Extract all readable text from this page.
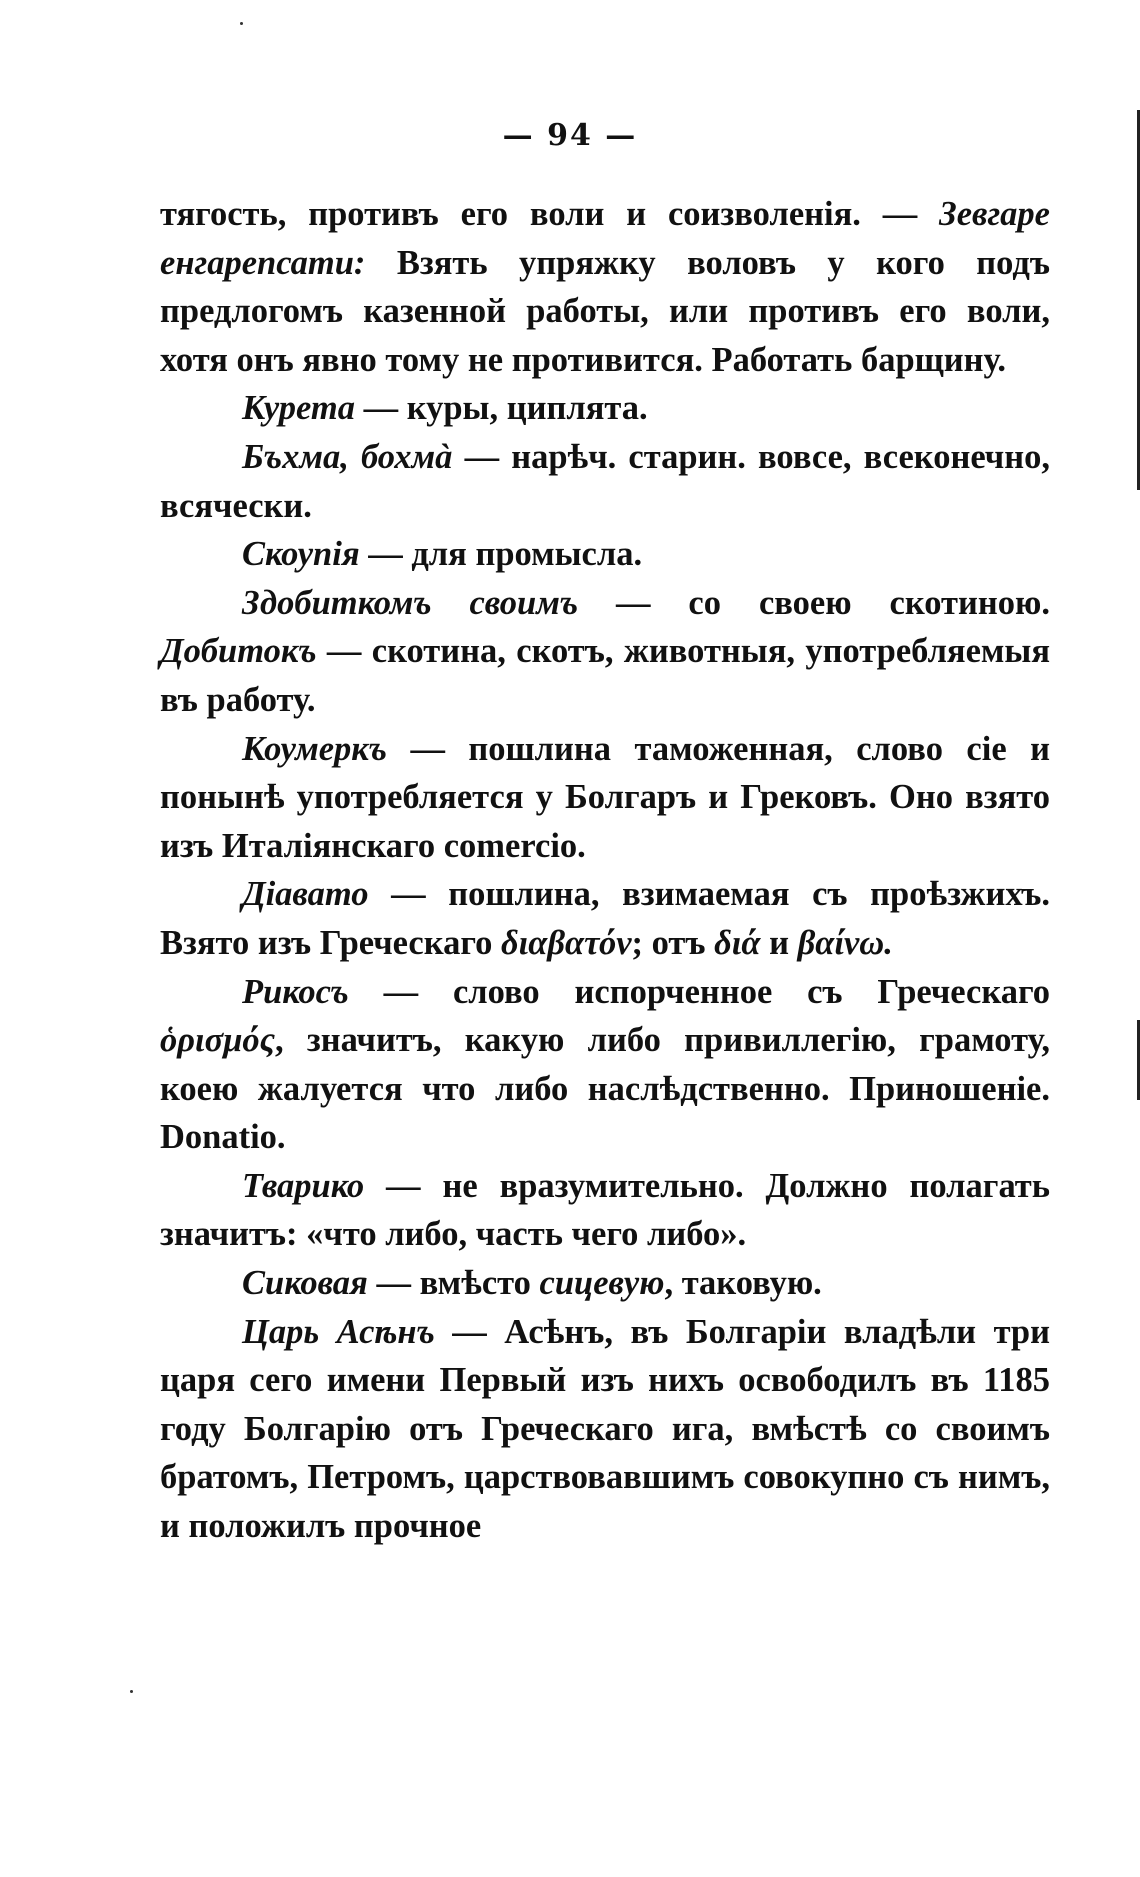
— 94 —

тягость, противъ его воли и соизволенія. — Зевгаре енгарепсати: Взять упряжку воловъ у кого подъ предлогомъ казенной работы, или противъ его воли, хотя онъ явно тому не противится. Работать барщину.

Курета — куры, циплята.

Бъхма, бохмà — нарѣч. старин. вовсе, всеконечно, всячески.

Скоупія — для промысла.

Здобиткомъ своимъ — со своею скотиною. Добитокъ — скотина, скотъ, животныя, употребляемыя въ работу.

Коумеркъ — пошлина таможенная, слово сіе и понынѣ употребляется у Болгаръ и Грековъ. Оно взято изъ Италіянскаго comercio.

Діавато — пошлина, взимаемая съ проѣзжихъ. Взято изъ Греческаго διαβατόν; отъ διά и βαίνω.

Рикосъ — слово испорченное съ Греческаго ὁρισμός, значитъ, какую либо привиллегію, грамоту, коею жалуется что либо наслѣдственно. Приношеніе. Donatio.

Тварико — не вразумительно. Должно полагать значитъ: «что либо, часть чего либо».

Сиковая — вмѣсто сицевую, таковую.

Царь Асѣнъ — Асѣнъ, въ Болгаріи владѣли три царя сего имени Первый изъ нихъ освободилъ въ 1185 году Болгарію отъ Греческаго ига, вмѣстѣ со своимъ братомъ, Петромъ, царствовавшимъ совокупно съ нимъ, и положилъ прочное
